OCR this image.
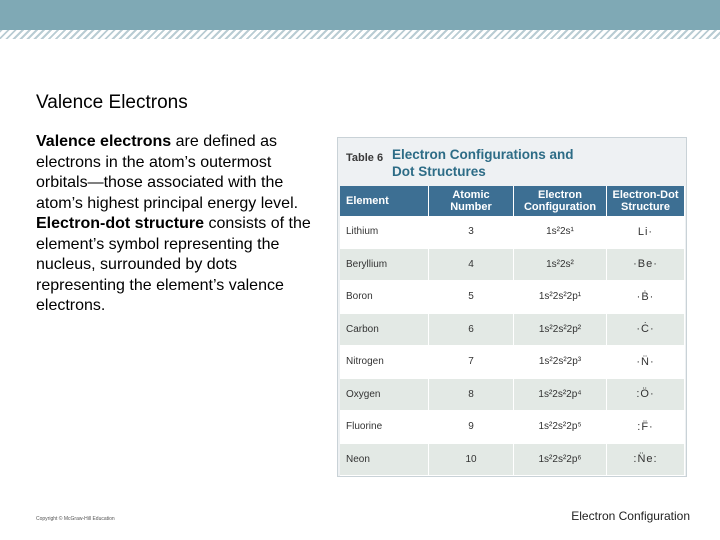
Valence Electrons
Valence electrons are defined as electrons in the atom’s outermost orbitals—those associated with the atom’s highest principal energy level. Electron-dot structure consists of the element’s symbol representing the nucleus, surrounded by dots representing the element’s valence electrons.
Table 6 Electron Configurations and Dot Structures
Element	Atomic Number	Electron Configuration	Electron-Dot Structure
Lithium	3	1s²2s¹	Li·
Beryllium	4	1s²2s²	·Be·
Boron	5	1s²2s²2p¹	·Ḃ·
Carbon	6	1s²2s²2p²	·Ċ·
Nitrogen	7	1s²2s²2p³	·N̈·
Oxygen	8	1s²2s²2p⁴	:Ö·
Fluorine	9	1s²2s²2p⁵	:F̈·
Neon	10	1s²2s²2p⁶	:N̈e:
Copyright © McGraw-Hill Education	Electron Configuration
